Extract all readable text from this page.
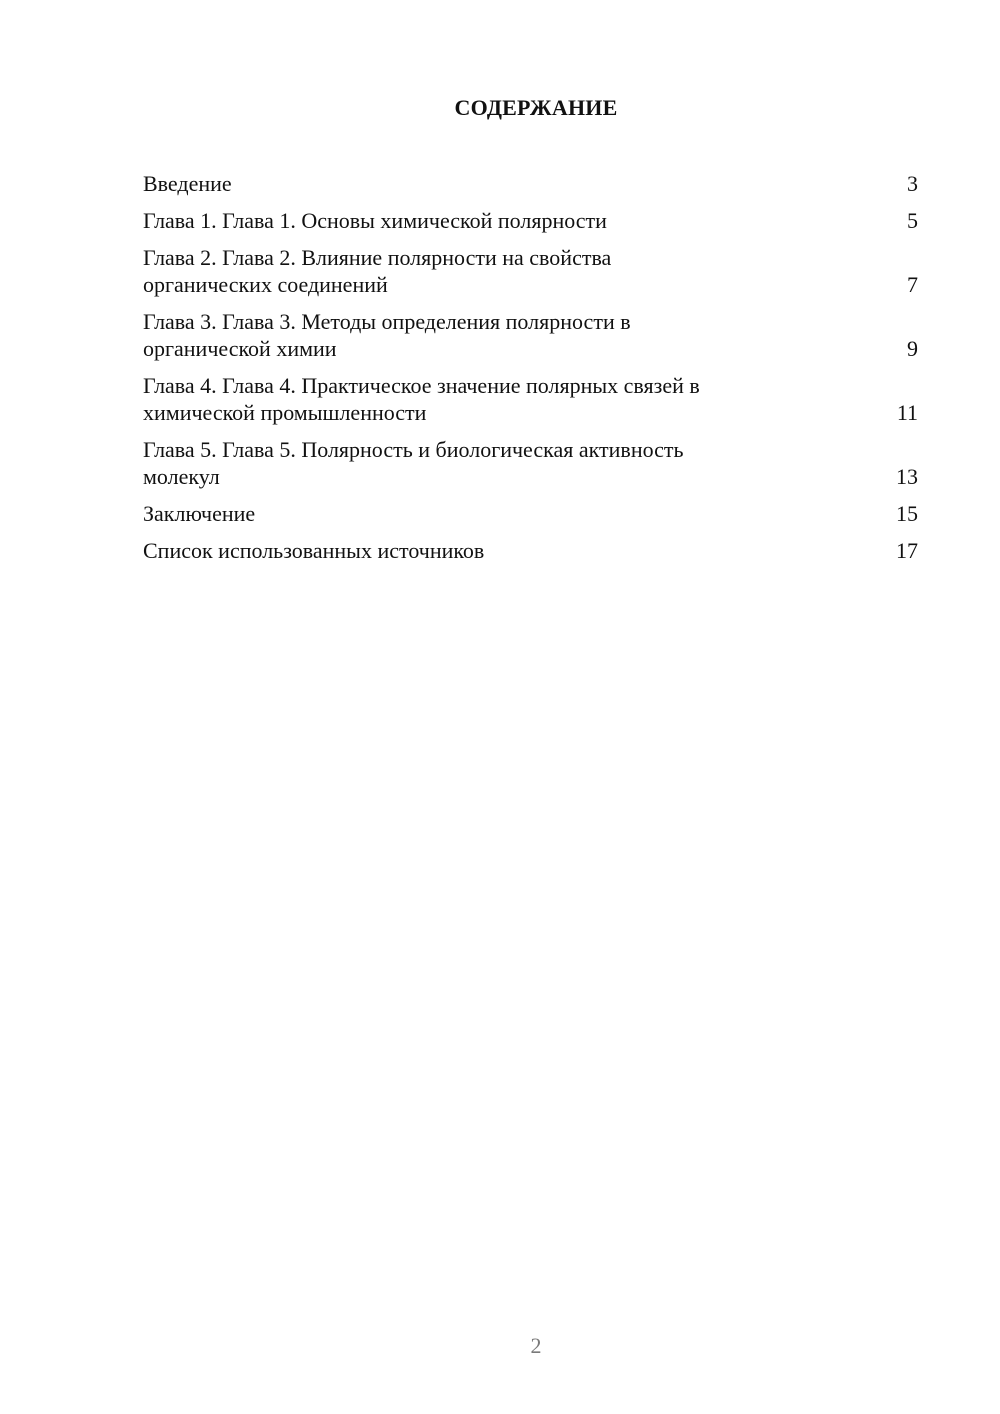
СОДЕРЖАНИЕ
Введение	3
Глава 1. Глава 1. Основы химической полярности	5
Глава 2. Глава 2. Влияние полярности на свойства
органических соединений	7
Глава 3. Глава 3. Методы определения полярности в
органической химии	9
Глава 4. Глава 4. Практическое значение полярных связей в
химической промышленности	11
Глава 5. Глава 5. Полярность и биологическая активность
молекул	13
Заключение	15
Список использованных источников	17
2
